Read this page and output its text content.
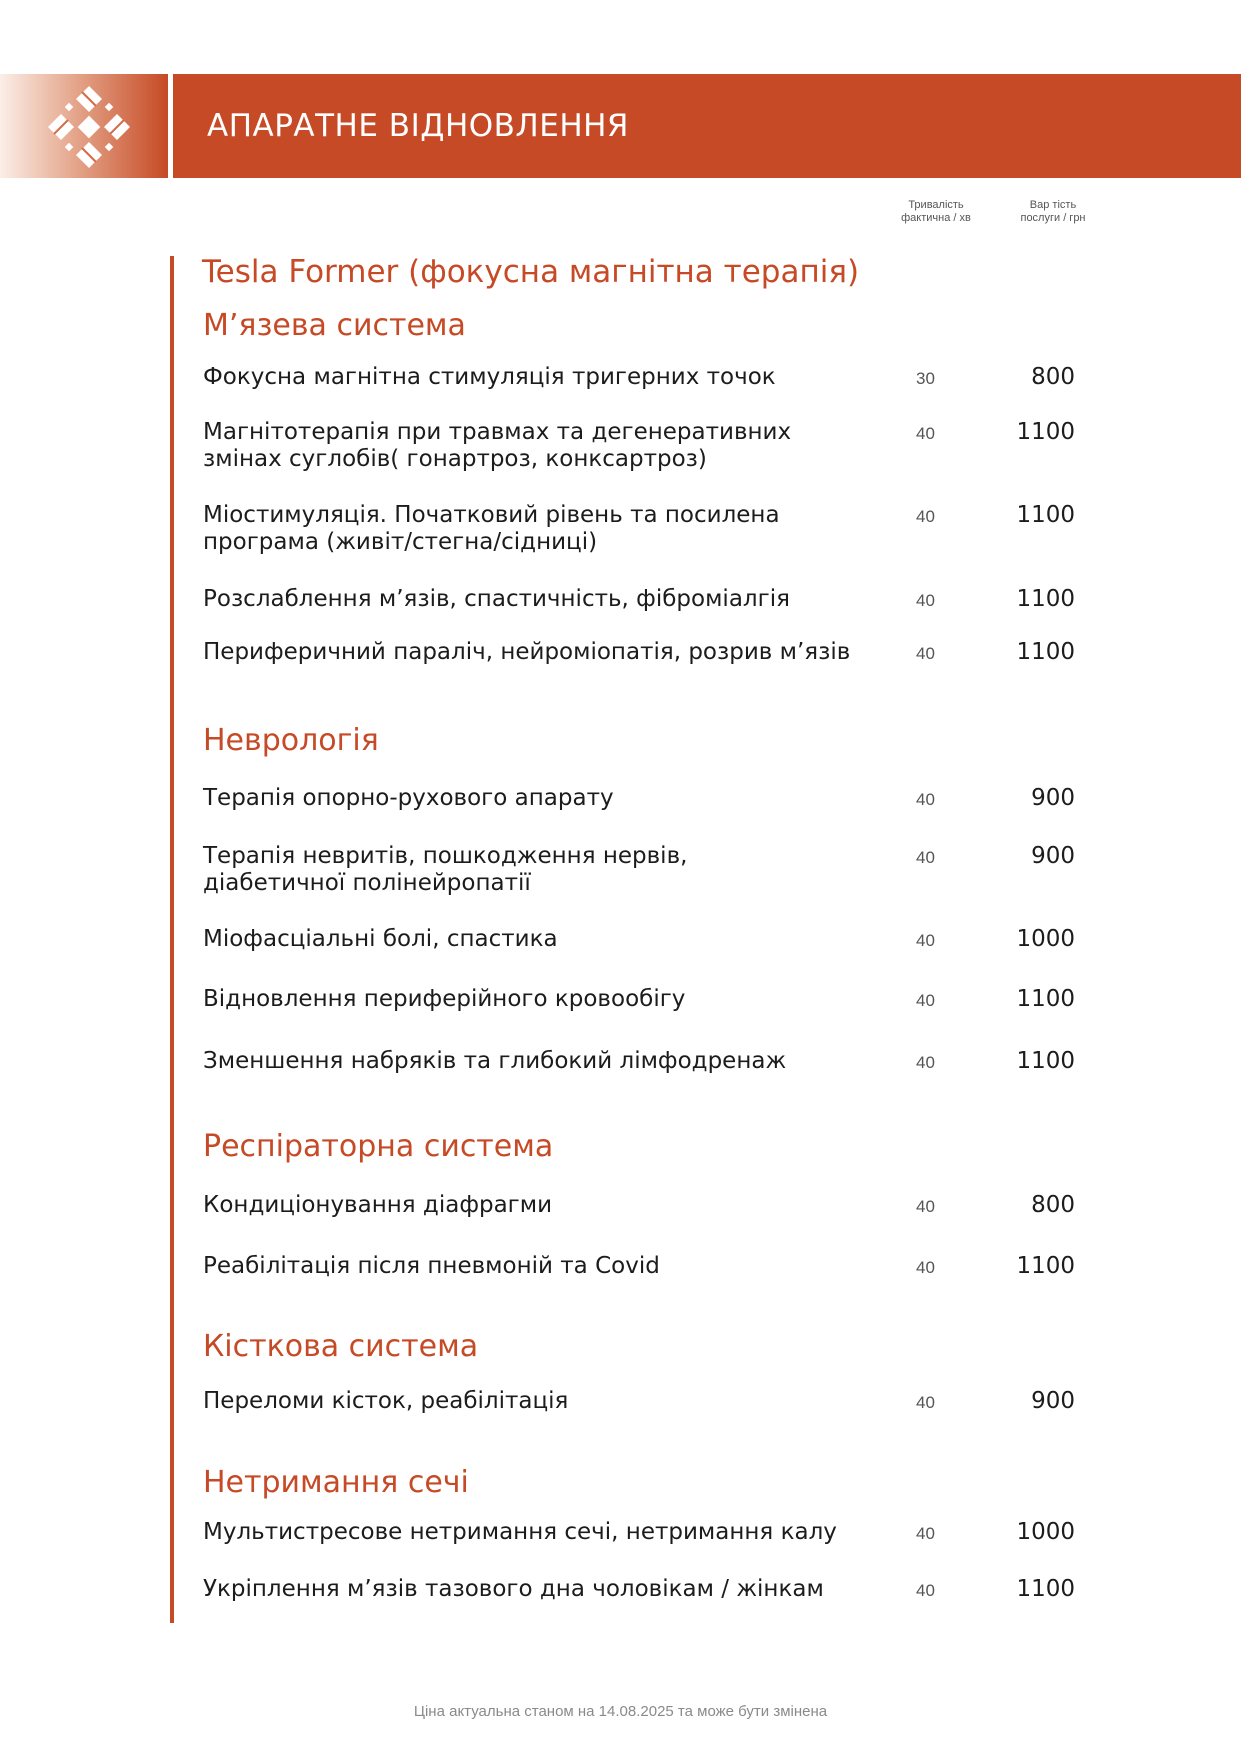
АПАРАТНЕ ВІДНОВЛЕННЯ
Тривалість
фактична / хв
Вар тість
послуги / грн
Tesla Former (фокусна магнітна терапія)
М’язева система
Фокусна магнітна стимуляція тригерних точок	30	800
Магнітотерапія при травмах та дегенеративних
змінах суглобів( гонартроз, конксартроз)
40	1100
Міостимуляція. Початковий рівень та посилена
програма (живіт/стегна/сідниці)
40	1100
Розслаблення м’язів, спастичність, фіброміалгія	40	1100
Периферичний параліч, нейроміопатія, розрив м’язів	40	1100
Неврологія
Терапія опорно-рухового апарату	40	900
Терапія невритів, пошкодження нервів,
діабетичної полінейропатії
40	900
Міофасціальні болі, спастика	40	1000
Відновлення периферійного кровообігу	40	1100
Зменшення набряків та глибокий лімфодренаж	40	1100
Респіраторна система
Кондиціонування діафрагми	40	800
Реабілітація після пневмоній та Covid	40	1100
Кісткова система
Переломи кісток, реабілітація	40	900
Нетримання сечі
Мультистресове нетримання сечі, нетримання калу	40	1000
Укріплення м’язів тазового дна чоловікам / жінкам	40	1100
Ціна актуальна станом на 14.08.2025 та може бути змінена
